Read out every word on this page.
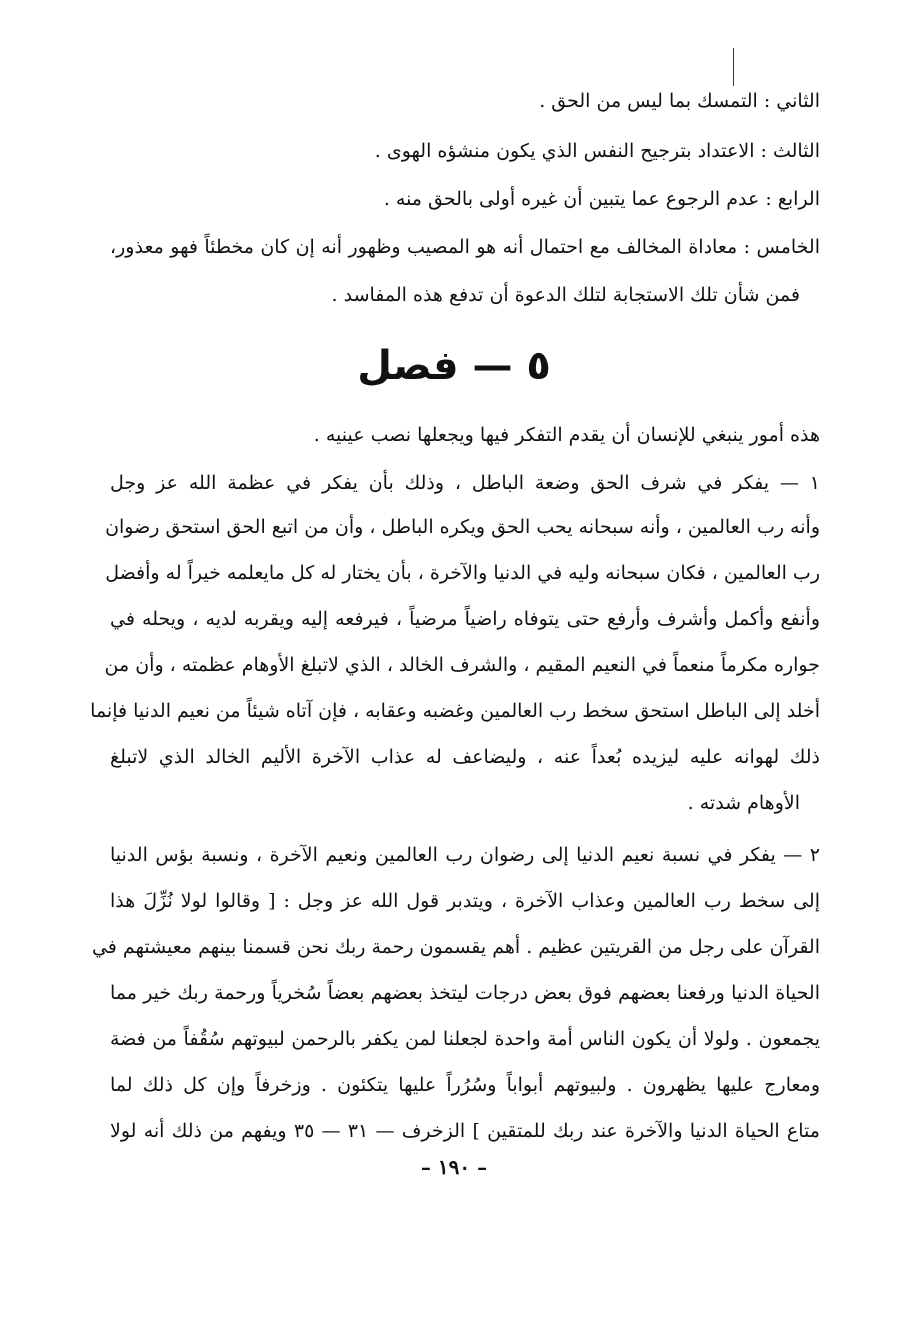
الثاني : التمسك بما ليس من الحق .
الثالث : الاعتداد بترجيح النفس الذي يكون منشؤه الهوى .
الرابع : عدم الرجوع عما يتبين أن غيره أولى بالحق منه .
الخامس : معاداة المخالف مع احتمال أنه هو المصيب وظهور أنه إن كان مخطئاً فهو معذور،
فمن شأن تلك الاستجابة لتلك الدعوة أن تدفع هذه المفاسد .
٥ — فصل
هذه أمور ينبغي للإنسان أن يقدم التفكر فيها ويجعلها نصب عينيه .
١ — يفكر في شرف الحق وضعة الباطل ، وذلك بأن يفكر في عظمة الله عز وجل
وأنه رب العالمين ، وأنه سبحانه يحب الحق ويكره الباطل ، وأن من اتبع الحق استحق رضوان
رب العالمين ، فكان سبحانه وليه في الدنيا والآخرة ، بأن يختار له كل مايعلمه خيراً له وأفضل
وأنفع وأكمل وأشرف وأرفع حتى يتوفاه راضياً مرضياً ، فيرفعه إليه ويقربه لديه ، ويحله في
جواره مكرماً منعماً في النعيم المقيم ، والشرف الخالد ، الذي لاتبلغ الأوهام عظمته ، وأن من
أخلد إلى الباطل استحق سخط رب العالمين وغضبه وعقابه ، فإن آتاه شيئاً من نعيم الدنيا فإنما
ذلك لهوانه عليه ليزيده بُعداً عنه ، وليضاعف له عذاب الآخرة الأليم الخالد الذي لاتبلغ
الأوهام شدته .
٢ — يفكر في نسبة نعيم الدنيا إلى رضوان رب العالمين ونعيم الآخرة ، ونسبة بؤس الدنيا
إلى سخط رب العالمين وعذاب الآخرة ، ويتدبر قول الله عز وجل : [ وقالوا لولا نُزِّلَ هذا
القرآن على رجل من القريتين عظيم . أهم يقسمون رحمة ربك نحن قسمنا بينهم معيشتهم في
الحياة الدنيا ورفعنا بعضهم فوق بعض درجات ليتخذ بعضهم بعضاً سُخرياً ورحمة ربك خير مما
يجمعون . ولولا أن يكون الناس أمة واحدة لجعلنا لمن يكفر بالرحمن لبيوتهم سُقُفاً من فضة
ومعارج عليها يظهرون . ولبيوتهم أبواباً وسُرُراً عليها يتكئون . وزخرفاً وإن كل ذلك لما
متاع الحياة الدنيا والآخرة عند ربك للمتقين ] الزخرف — ٣١ — ٣٥ ويفهم من ذلك أنه لولا
– ١٩٠ –
